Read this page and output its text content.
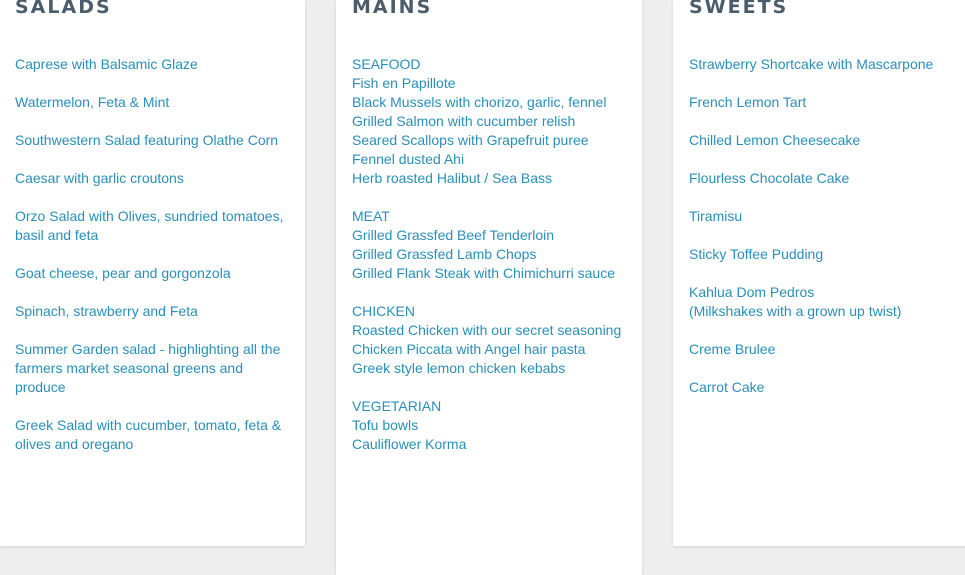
SALADS
Caprese with Balsamic Glaze
Watermelon, Feta & Mint
Southwestern Salad featuring Olathe Corn
Caesar with garlic croutons
Orzo Salad with Olives, sundried tomatoes,
basil and feta
Goat cheese, pear and gorgonzola
Spinach, strawberry and Feta
Summer Garden salad - highlighting all the
farmers market seasonal greens and
produce
Greek Salad with cucumber, tomato, feta &
olives and oregano
MAINS
SEAFOOD
Fish en Papillote
Black Mussels with chorizo, garlic, fennel
Grilled Salmon with cucumber relish
Seared Scallops with Grapefruit puree
Fennel dusted Ahi
Herb roasted Halibut / Sea Bass
MEAT
Grilled Grassfed Beef Tenderloin
Grilled Grassfed Lamb Chops
Grilled Flank Steak with Chimichurri sauce
CHICKEN
Roasted Chicken with our secret seasoning
Chicken Piccata with Angel hair pasta
Greek style lemon chicken kebabs
VEGETARIAN
Tofu bowls
Cauliflower Korma
SWEETS
Strawberry Shortcake with Mascarpone
French Lemon Tart
Chilled Lemon Cheesecake
Flourless Chocolate Cake
Tiramisu
Sticky Toffee Pudding
Kahlua Dom Pedros
(Milkshakes with a grown up twist)
Creme Brulee
Carrot Cake
